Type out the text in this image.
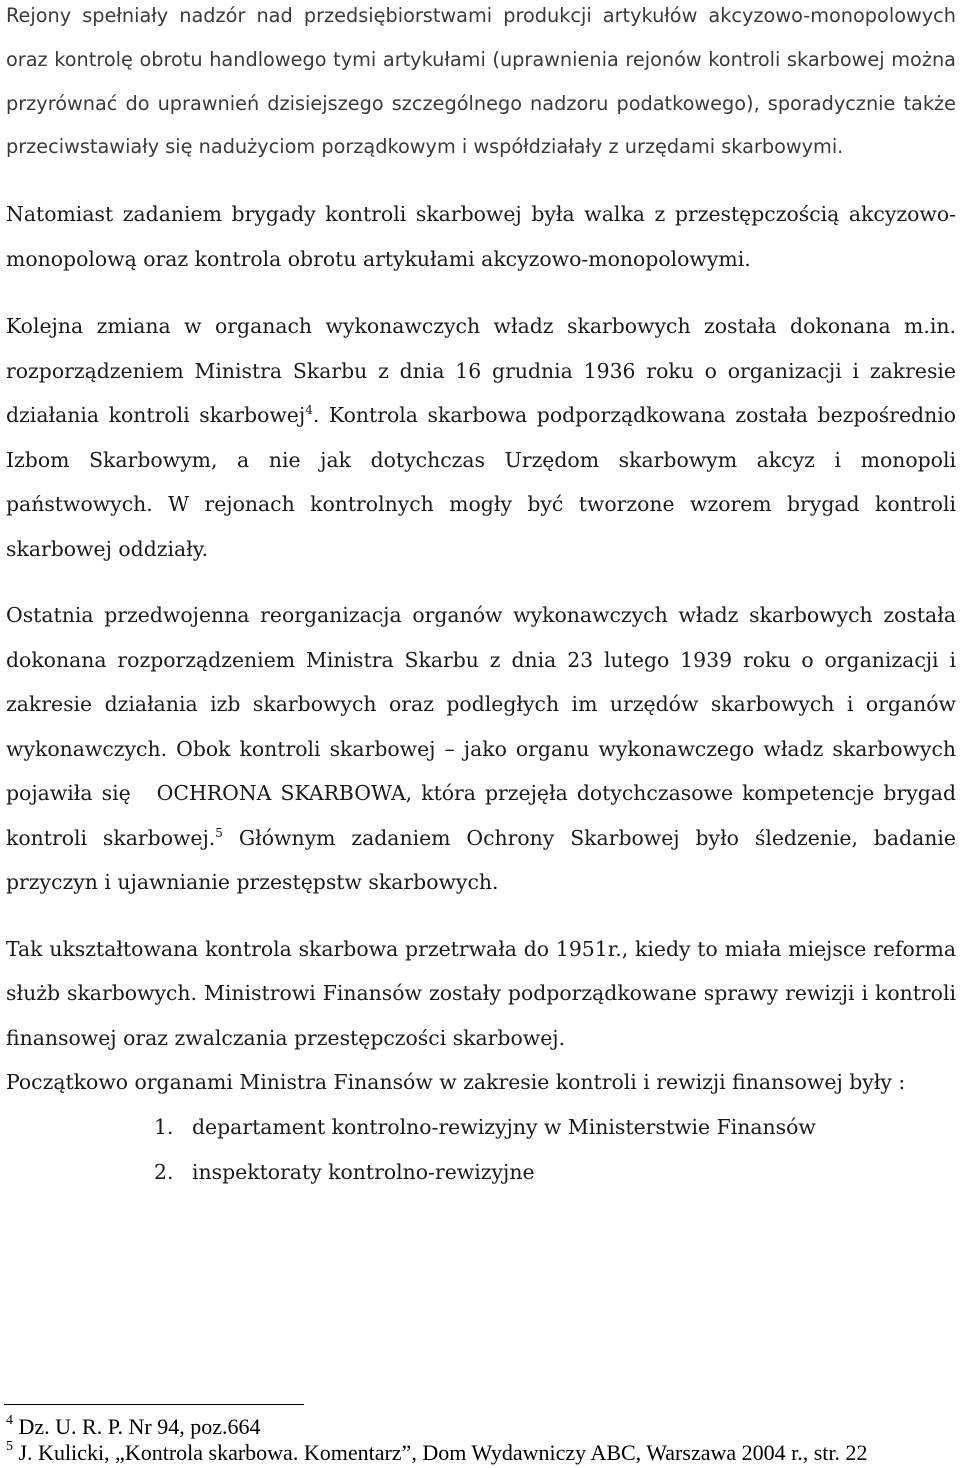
Rejony spełniały nadzór nad przedsiębiorstwami produkcji artykułów akcyzowo-monopolowych oraz kontrolę obrotu handlowego tymi artykułami (uprawnienia rejonów kontroli skarbowej można przyrównać do uprawnień dzisiejszego szczególnego nadzoru podatkowego), sporadycznie także przeciwstawiały się nadużyciom porządkowym i współdziałały z urzędami skarbowymi.

Natomiast zadaniem brygady kontroli skarbowej była walka z przestępczością akcyzowo-monopolową oraz kontrola obrotu artykułami akcyzowo-monopolowymi.

Kolejna zmiana w organach wykonawczych władz skarbowych została dokonana m.in. rozporządzeniem Ministra Skarbu z dnia 16 grudnia 1936 roku o organizacji i zakresie działania kontroli skarbowej$^4$. Kontrola skarbowa podporządkowana została bezpośrednio Izbom Skarbowym, a nie jak dotychczas Urzędom skarbowym akcyz i monopoli państwowych. W rejonach kontrolnych mogły być tworzone wzorem brygad kontroli skarbowej oddziały.

Ostatnia przedwojenna reorganizacja organów wykonawczych władz skarbowych została dokonana rozporządzeniem Ministra Skarbu z dnia 23 lutego 1939 roku o organizacji i zakresie działania izb skarbowych oraz podległych im urzędów skarbowych i organów wykonawczych. Obok kontroli skarbowej – jako organu wykonawczego władz skarbowych pojawiła się OCHRONA SKARBOWA, która przejęła dotychczasowe kompetencje brygad kontroli skarbowej.$^5$ Głównym zadaniem Ochrony Skarbowej było śledzenie, badanie przyczyn i ujawnianie przestępstw skarbowych.

Tak ukształtowana kontrola skarbowa przetrwała do 1951r., kiedy to miała miejsce reforma służb skarbowych. Ministrowi Finansów zostały podporządkowane sprawy rewizji i kontroli finansowej oraz zwalczania przestępczości skarbowej.

Początkowo organami Ministra Finansów w zakresie kontroli i rewizji finansowej były :

1. departament kontrolno-rewizyjny w Ministerstwie Finansów
2. inspektoraty kontrolno-rewizyjne
$^4$ Dz. U. R. P. Nr 94, poz.664
$^5$ J. Kulicki, „Kontrola skarbowa. Komentarz”, Dom Wydawniczy ABC, Warszawa 2004 r., str. 22
